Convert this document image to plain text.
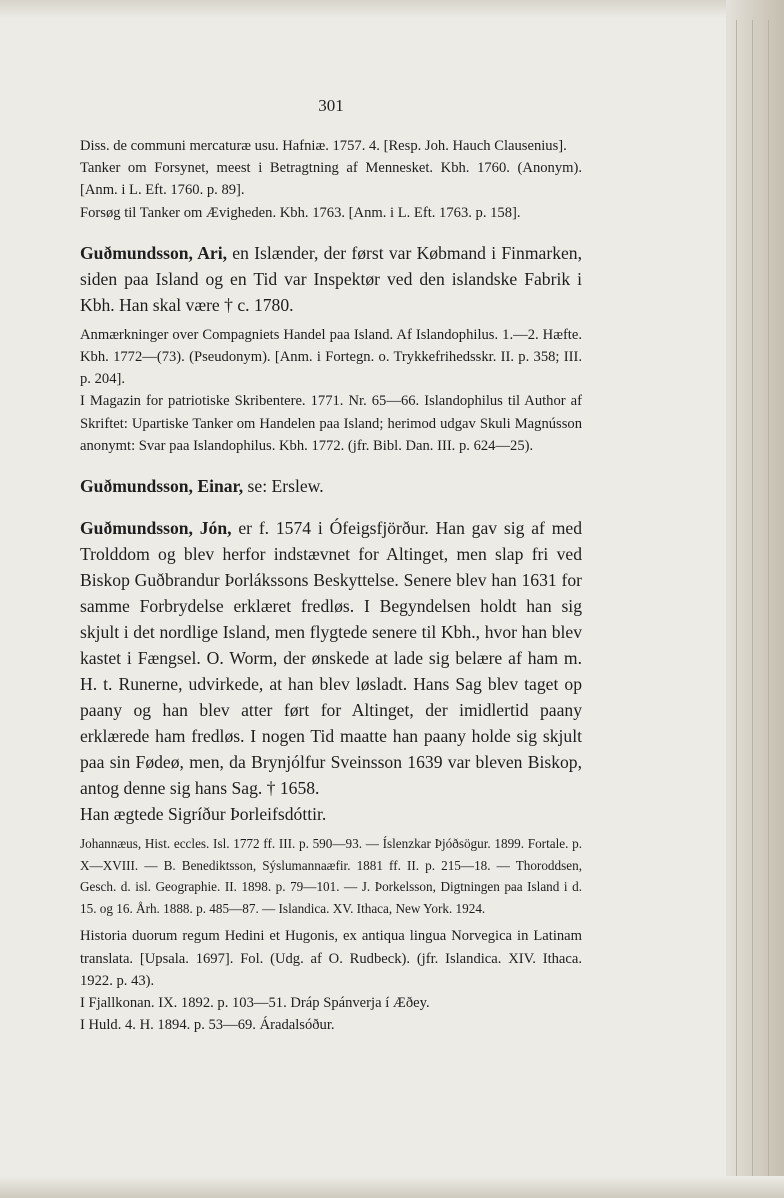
301

Diss. de communi mercaturæ usu. Hafniæ. 1757. 4. [Resp. Joh. Hauch Clausenius].

Tanker om Forsynet, meest i Betragtning af Mennesket. Kbh. 1760. (Anonym). [Anm. i L. Eft. 1760. p. 89].

Forsøg til Tanker om Ævigheden. Kbh. 1763. [Anm. i L. Eft. 1763. p. 158].

Guðmundsson, Ari, en Islænder, der først var Købmand i Finmarken, siden paa Island og en Tid var Inspektør ved den islandske Fabrik i Kbh. Han skal være † c. 1780.

Anmærkninger over Compagniets Handel paa Island. Af Islandophilus. 1.—2. Hæfte. Kbh. 1772—(73). (Pseudonym). [Anm. i Fortegn. o. Trykkefrihedsskr. II. p. 358; III. p. 204].

I Magazin for patriotiske Skribentere. 1771. Nr. 65—66. Islandophilus til Author af Skriftet: Upartiske Tanker om Handelen paa Island; herimod udgav Skuli Magnússon anonymt: Svar paa Islandophilus. Kbh. 1772. (jfr. Bibl. Dan. III. p. 624—25).

Guðmundsson, Einar, se: Erslew.

Guðmundsson, Jón, er f. 1574 i Ófeigsfjörður. Han gav sig af med Trolddom og blev herfor indstævnet for Altinget, men slap fri ved Biskop Guðbrandur Þorlákssons Beskyttelse. Senere blev han 1631 for samme Forbrydelse erklæret fredløs. I Begyndelsen holdt han sig skjult i det nordlige Island, men flygtede senere til Kbh., hvor han blev kastet i Fængsel. O. Worm, der ønskede at lade sig belære af ham m. H. t. Runerne, udvirkede, at han blev løsladt. Hans Sag blev taget op paany og han blev atter ført for Altinget, der imidlertid paany erklærede ham fredløs. I nogen Tid maatte han paany holde sig skjult paa sin Fødeø, men, da Brynjólfur Sveinsson 1639 var bleven Biskop, antog denne sig hans Sag. † 1658.

Han ægtede Sigríður Þorleifsdóttir.

Johannæus, Hist. eccles. Isl. 1772 ff. III. p. 590—93. — Íslenzkar Þjóðsögur. 1899. Fortale. p. X—XVIII. — B. Benediktsson, Sýslumannaæfir. 1881 ff. II. p. 215—18. — Thoroddsen, Gesch. d. isl. Geographie. II. 1898. p. 79—101. — J. Þorkelsson, Digtningen paa Island i d. 15. og 16. Årh. 1888. p. 485—87. — Islandica. XV. Ithaca, New York. 1924.

Historia duorum regum Hedini et Hugonis, ex antiqua lingua Norvegica in Latinam translata. [Upsala. 1697]. Fol. (Udg. af O. Rudbeck). (jfr. Islandica. XIV. Ithaca. 1922. p. 43).

I Fjallkonan. IX. 1892. p. 103—51. Dráp Spánverja í Æðey.

I Huld. 4. H. 1894. p. 53—69. Áradalsóður.
